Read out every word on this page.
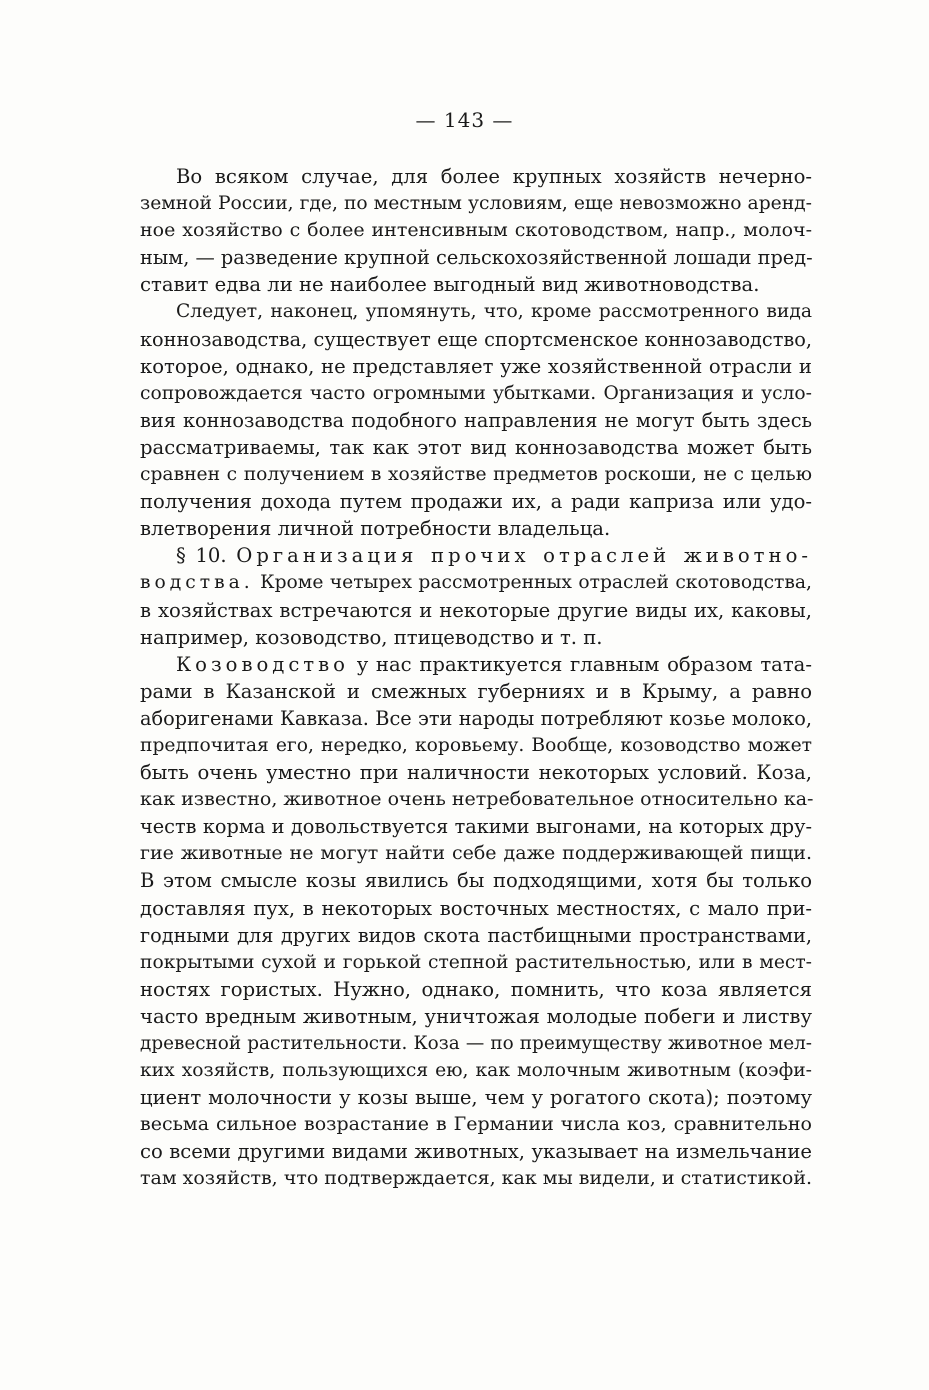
— 143 —
Во всяком случае, для более крупных хозяйств нечерно-
земной России, где, по местным условиям, еще невозможно аренд-
ное хозяйство с более интенсивным скотоводством, напр., молоч-
ным, — разведение крупной сельскохозяйственной лошади пред-
ставит едва ли не наиболее выгодный вид животноводства.
Следует, наконец, упомянуть, что, кроме рассмотренного вида
коннозаводства, существует еще спортсменское коннозаводство,
которое, однако, не представляет уже хозяйственной отрасли и
сопровождается часто огромными убытками. Организация и усло-
вия коннозаводства подобного направления не могут быть здесь
рассматриваемы, так как этот вид коннозаводства может быть
сравнен с получением в хозяйстве предметов роскоши, не с целью
получения дохода путем продажи их, а ради каприза или удо-
влетворения личной потребности владельца.
§ 10. Организация прочих отраслей животно-
водства. Кроме четырех рассмотренных отраслей скотоводства,
в хозяйствах встречаются и некоторые другие виды их, каковы,
например, козоводство, птицеводство и т. п.
Козоводство у нас практикуется главным образом тата-
рами в Казанской и смежных губерниях и в Крыму, а равно
аборигенами Кавказа. Все эти народы потребляют козье молоко,
предпочитая его, нередко, коровьему. Вообще, козоводство может
быть очень уместно при наличности некоторых условий. Коза,
как известно, животное очень нетребовательное относительно ка-
честв корма и довольствуется такими выгонами, на которых дру-
гие животные не могут найти себе даже поддерживающей пищи.
В этом смысле козы явились бы подходящими, хотя бы только
доставляя пух, в некоторых восточных местностях, с мало при-
годными для других видов скота пастбищными пространствами,
покрытыми сухой и горькой степной растительностью, или в мест-
ностях гористых. Нужно, однако, помнить, что коза является
часто вредным животным, уничтожая молодые побеги и листву
древесной растительности. Коза — по преимуществу животное мел-
ких хозяйств, пользующихся ею, как молочным животным (коэфи-
циент молочности у козы выше, чем у рогатого скота); поэтому
весьма сильное возрастание в Германии числа коз, сравнительно
со всеми другими видами животных, указывает на измельчание
там хозяйств, что подтверждается, как мы видели, и статистикой.
